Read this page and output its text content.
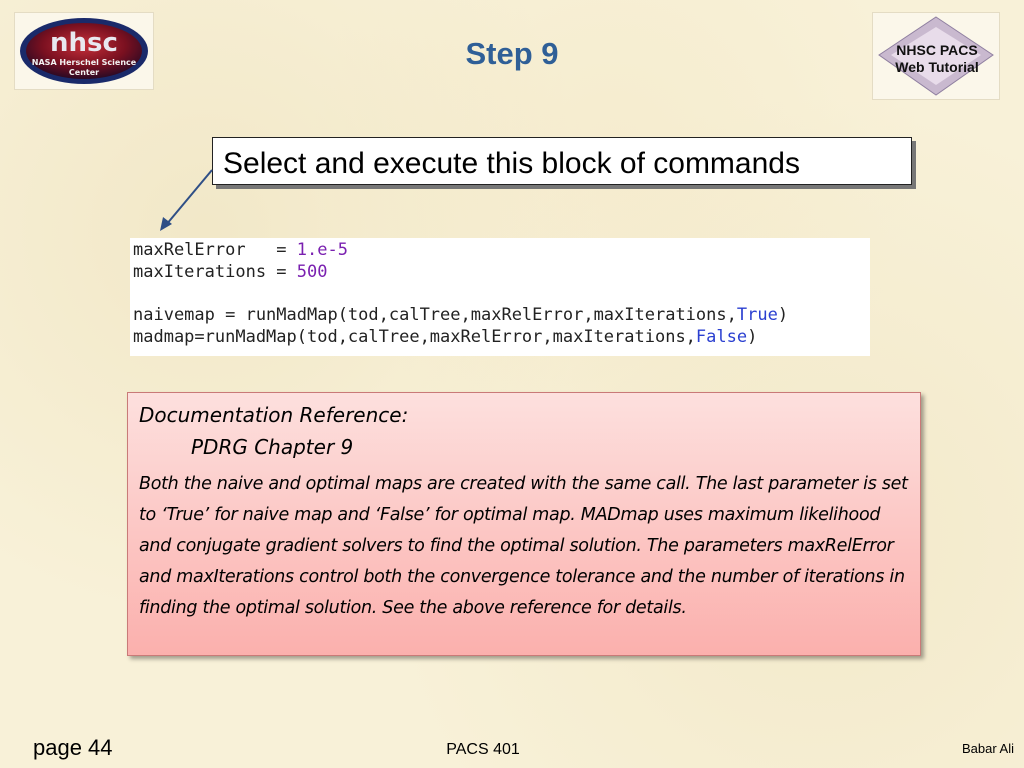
nhsc
NASA Herschel Science
Center
NHSC PACS
Web Tutorial
Step 9
Select and execute this block of commands
maxRelError   = 1.e-5
maxIterations = 500
naivemap = runMadMap(tod,calTree,maxRelError,maxIterations,True)
madmap=runMadMap(tod,calTree,maxRelError,maxIterations,False)
Documentation Reference:
PDRG Chapter 9
Both the naive and optimal maps are created with the same call. The last parameter is set to ‘True’ for naive map and ‘False’ for optimal map. MADmap uses maximum likelihood and conjugate gradient solvers to find the optimal solution. The parameters maxRelError and maxIterations control both the convergence tolerance and the number of iterations in finding the optimal solution. See the above reference for details.
page 44	PACS 401	Babar Ali
